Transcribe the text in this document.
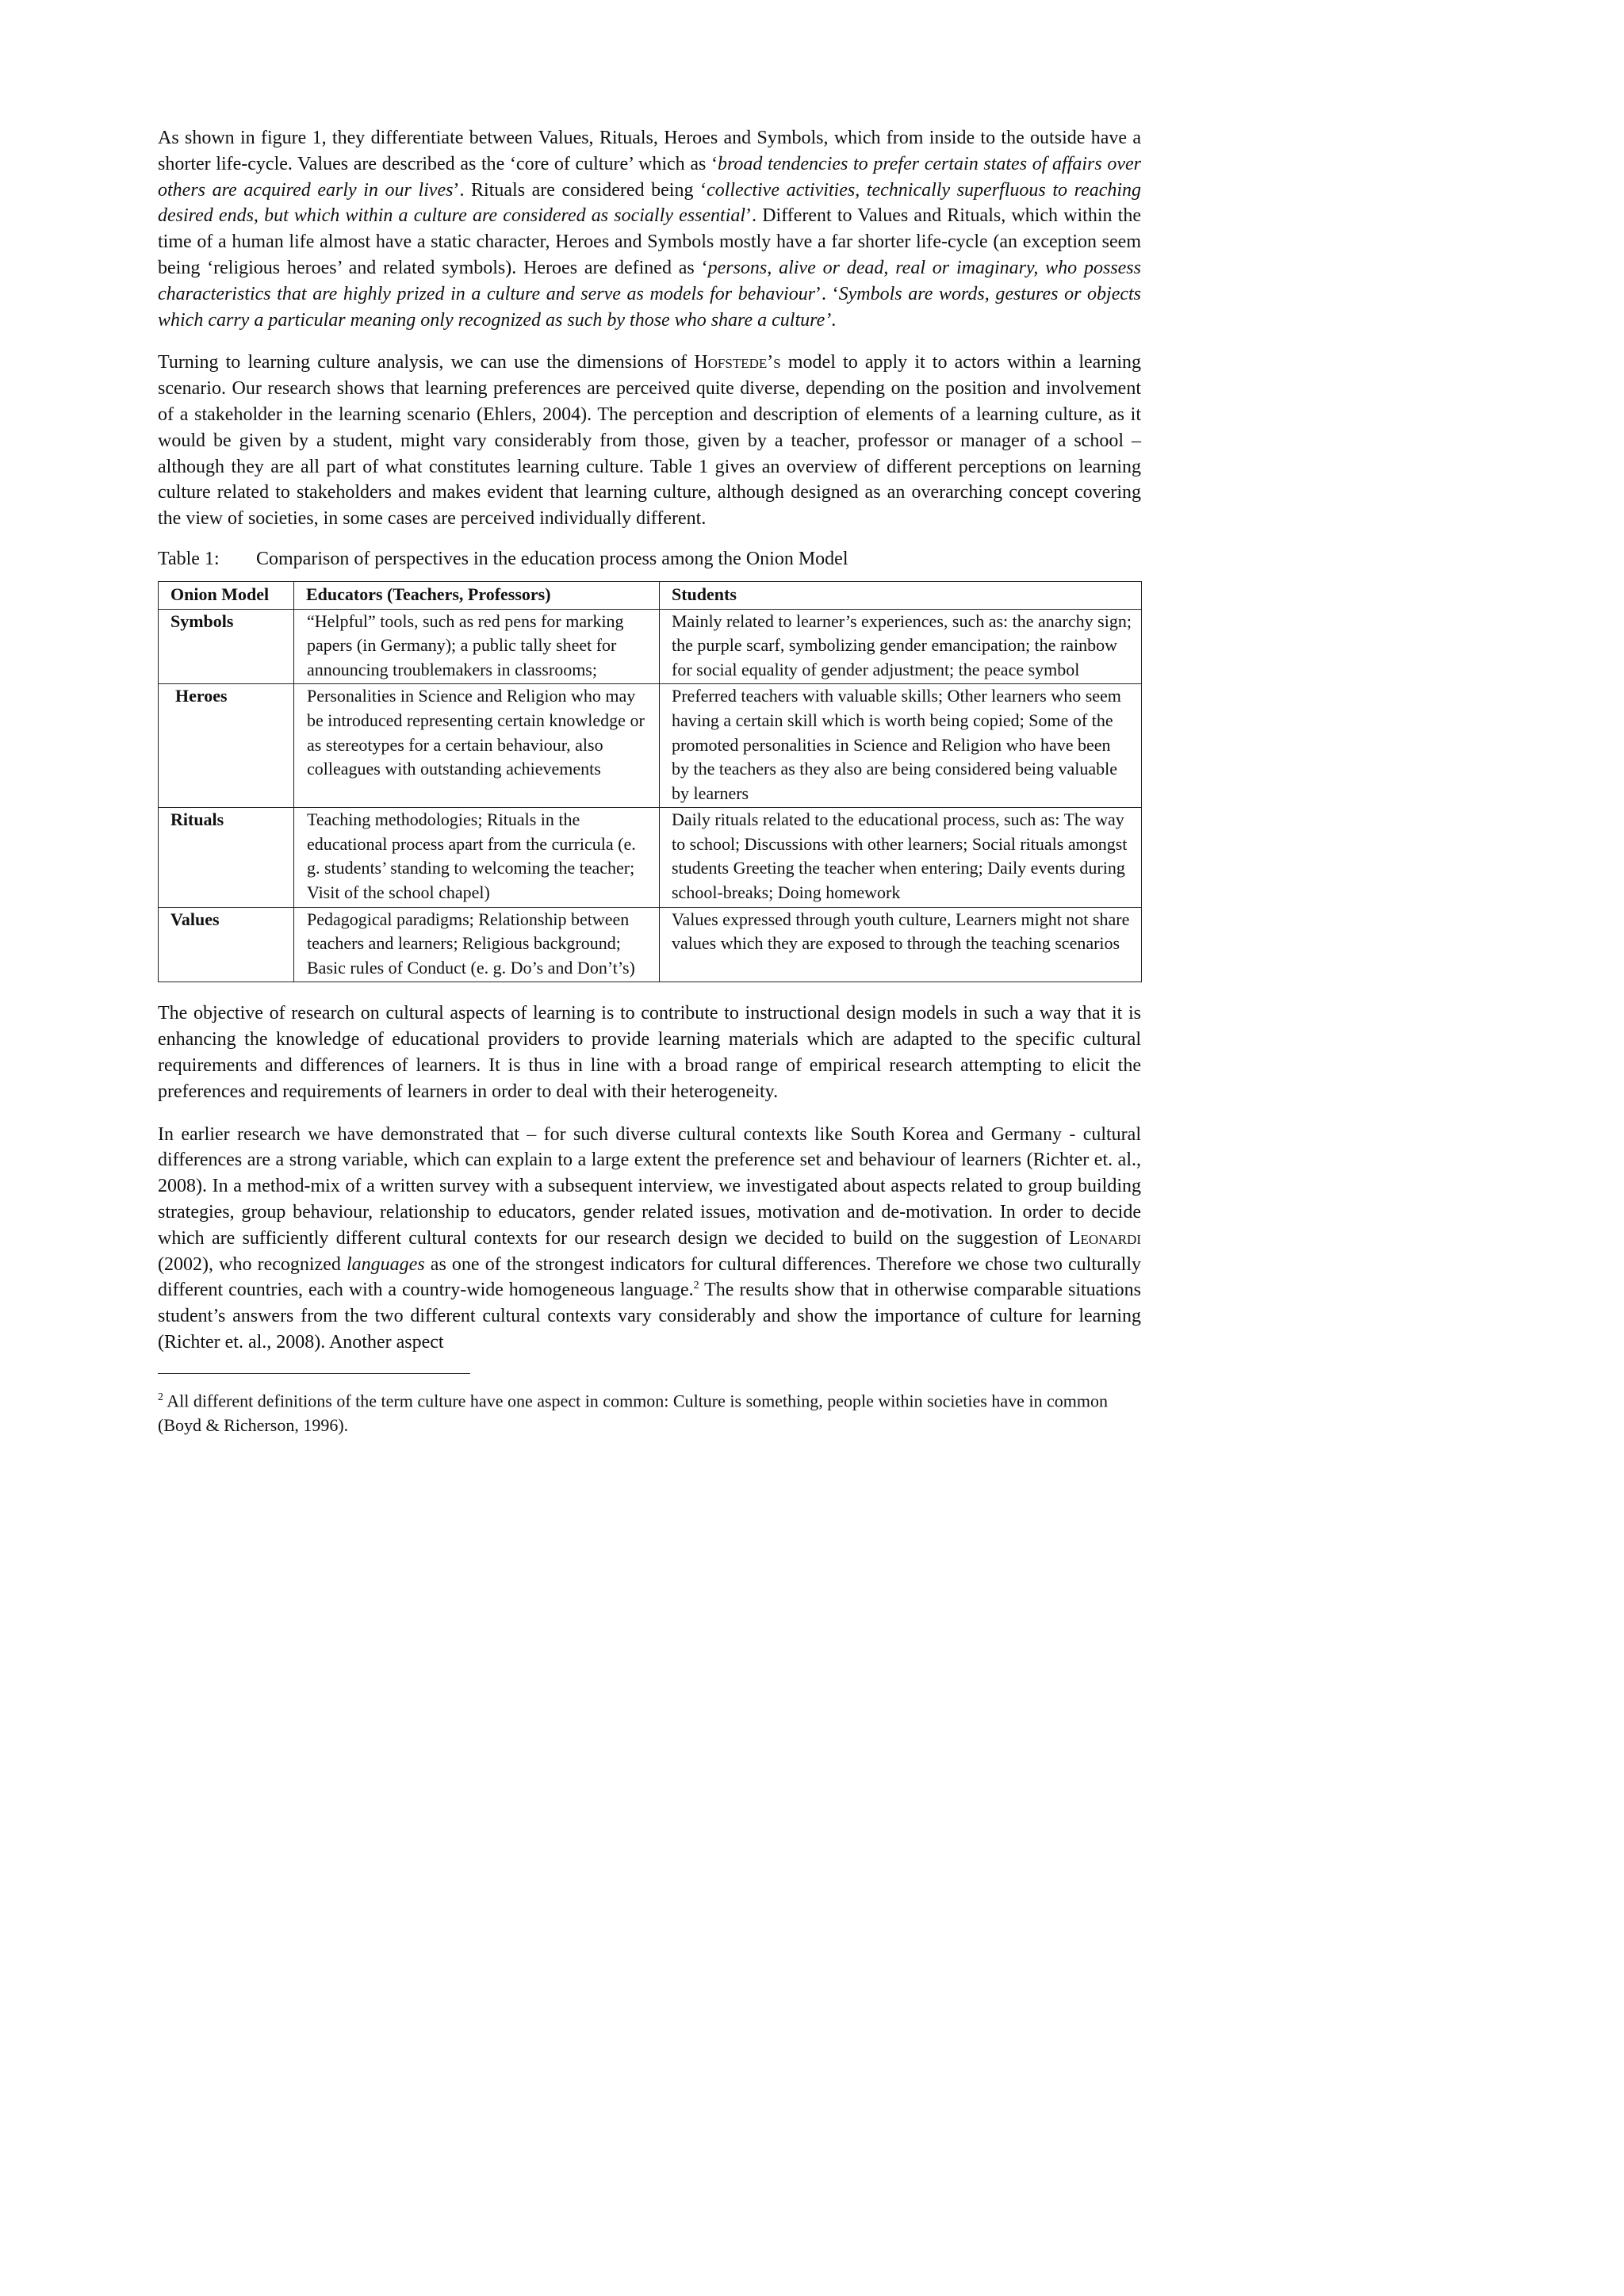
As shown in figure 1, they differentiate between Values, Rituals, Heroes and Symbols, which from inside to the outside have a shorter life-cycle. Values are described as the ‘core of culture’ which as ‘broad tendencies to prefer certain states of affairs over others are acquired early in our lives’. Rituals are considered being ‘collective activities, technically superfluous to reaching desired ends, but which within a culture are considered as socially essential’. Different to Values and Rituals, which within the time of a human life almost have a static character, Heroes and Symbols mostly have a far shorter life-cycle (an exception seem being ‘religious heroes’ and related symbols). Heroes are defined as ‘persons, alive or dead, real or imaginary, who possess characteristics that are highly prized in a culture and serve as models for behaviour’. ‘Symbols are words, gestures or objects which carry a particular meaning only recognized as such by those who share a culture’.

Turning to learning culture analysis, we can use the dimensions of Hofstede’s model to apply it to actors within a learning scenario. Our research shows that learning preferences are perceived quite diverse, depending on the position and involvement of a stakeholder in the learning scenario (Ehlers, 2004). The perception and description of elements of a learning culture, as it would be given by a student, might vary considerably from those, given by a teacher, professor or manager of a school – although they are all part of what constitutes learning culture. Table 1 gives an overview of different perceptions on learning culture related to stakeholders and makes evident that learning culture, although designed as an overarching concept covering the view of societies, in some cases are perceived individually different.

Table 1: Comparison of perspectives in the education process among the Onion Model
Onion Model	Educators (Teachers, Professors)	Students
Symbols	“Helpful” tools, such as red pens for marking papers (in Germany); a public tally sheet for announcing troublemakers in classrooms;	Mainly related to learner’s experiences, such as: the anarchy sign; the purple scarf, symbolizing gender emancipation; the rainbow for social equality of gender adjustment; the peace symbol
Heroes	Personalities in Science and Religion who may be introduced representing certain knowledge or as stereotypes for a certain behaviour, also colleagues with outstanding achievements	Preferred teachers with valuable skills; Other learners who seem having a certain skill which is worth being copied; Some of the promoted personalities in Science and Religion who have been by the teachers as they also are being considered being valuable by learners
Rituals	Teaching methodologies; Rituals in the educational process apart from the curricula (e. g. students’ standing to welcoming the teacher; Visit of the school chapel)	Daily rituals related to the educational process, such as: The way to school; Discussions with other learners; Social rituals amongst students Greeting the teacher when entering; Daily events during school-breaks; Doing homework
Values	Pedagogical paradigms; Relationship between teachers and learners; Religious background; Basic rules of Conduct (e. g. Do’s and Don’t’s)	Values expressed through youth culture, Learners might not share values which they are exposed to through the teaching scenarios

The objective of research on cultural aspects of learning is to contribute to instructional design models in such a way that it is enhancing the knowledge of educational providers to provide learning materials which are adapted to the specific cultural requirements and differences of learners. It is thus in line with a broad range of empirical research attempting to elicit the preferences and requirements of learners in order to deal with their heterogeneity.

In earlier research we have demonstrated that – for such diverse cultural contexts like South Korea and Germany - cultural differences are a strong variable, which can explain to a large extent the preference set and behaviour of learners (Richter et. al., 2008). In a method-mix of a written survey with a subsequent interview, we investigated about aspects related to group building strategies, group behaviour, relationship to educators, gender related issues, motivation and de-motivation. In order to decide which are sufficiently different cultural contexts for our research design we decided to build on the suggestion of Leonardi (2002), who recognized languages as one of the strongest indicators for cultural differences. Therefore we chose two culturally different countries, each with a country-wide homogeneous language.$^2$ The results show that in otherwise comparable situations student’s answers from the two different cultural contexts vary considerably and show the importance of culture for learning (Richter et. al., 2008). Another aspect

$^2$ All different definitions of the term culture have one aspect in common: Culture is something, people within societies have in common (Boyd & Richerson, 1996).
